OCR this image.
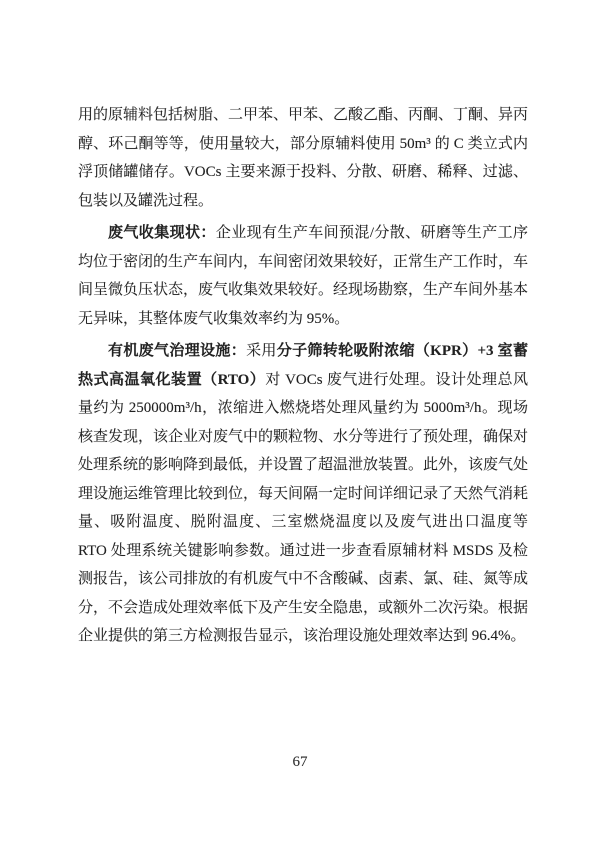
用的原辅料包括树脂、二甲苯、甲苯、乙酸乙酯、丙酮、丁酮、异丙醇、环己酮等等，使用量较大，部分原辅料使用 50m³ 的 C 类立式内浮顶储罐储存。VOCs 主要来源于投料、分散、研磨、稀释、过滤、包装以及罐洗过程。

废气收集现状：企业现有生产车间预混/分散、研磨等生产工序均位于密闭的生产车间内，车间密闭效果较好，正常生产工作时，车间呈微负压状态，废气收集效果较好。经现场勘察，生产车间外基本无异味，其整体废气收集效率约为 95%。

有机废气治理设施：采用分子筛转轮吸附浓缩（KPR）+3 室蓄热式高温氧化装置（RTO）对 VOCs 废气进行处理。设计处理总风量约为 250000m³/h，浓缩进入燃烧塔处理风量约为 5000m³/h。现场核查发现，该企业对废气中的颗粒物、水分等进行了预处理，确保对处理系统的影响降到最低，并设置了超温泄放装置。此外，该废气处理设施运维管理比较到位，每天间隔一定时间详细记录了天然气消耗量、吸附温度、脱附温度、三室燃烧温度以及废气进出口温度等 RTO 处理系统关键影响参数。通过进一步查看原辅材料 MSDS 及检测报告，该公司排放的有机废气中不含酸碱、卤素、氯、硅、氮等成分，不会造成处理效率低下及产生安全隐患，或额外二次污染。根据企业提供的第三方检测报告显示，该治理设施处理效率达到 96.4%。

67
